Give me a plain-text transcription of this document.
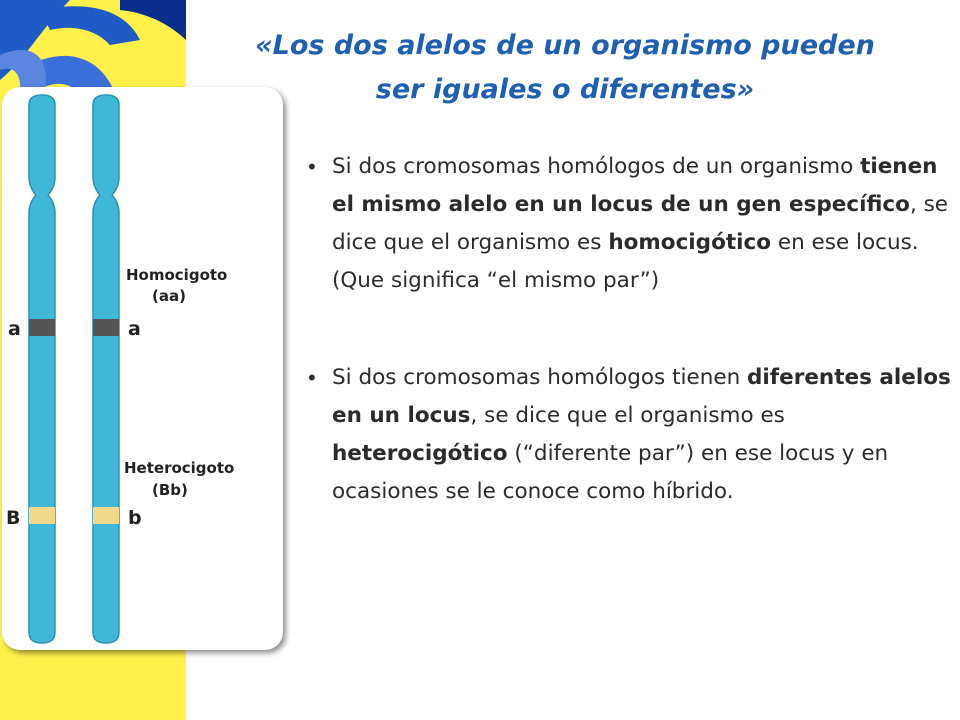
«Los dos alelos de un organismo pueden
ser iguales o diferentes»
a	a
B	b
Homocigoto
(aa)
Heterocigoto
(Bb)
• Si dos cromosomas homólogos de un organismo tienen el mismo alelo en un locus de un gen específico, se dice que el organismo es homocigótico en ese locus. (Que significa “el mismo par”)
• Si dos cromosomas homólogos tienen diferentes alelos en un locus, se dice que el organismo es heterocigótico (“diferente par”) en ese locus y en ocasiones se le conoce como híbrido.
